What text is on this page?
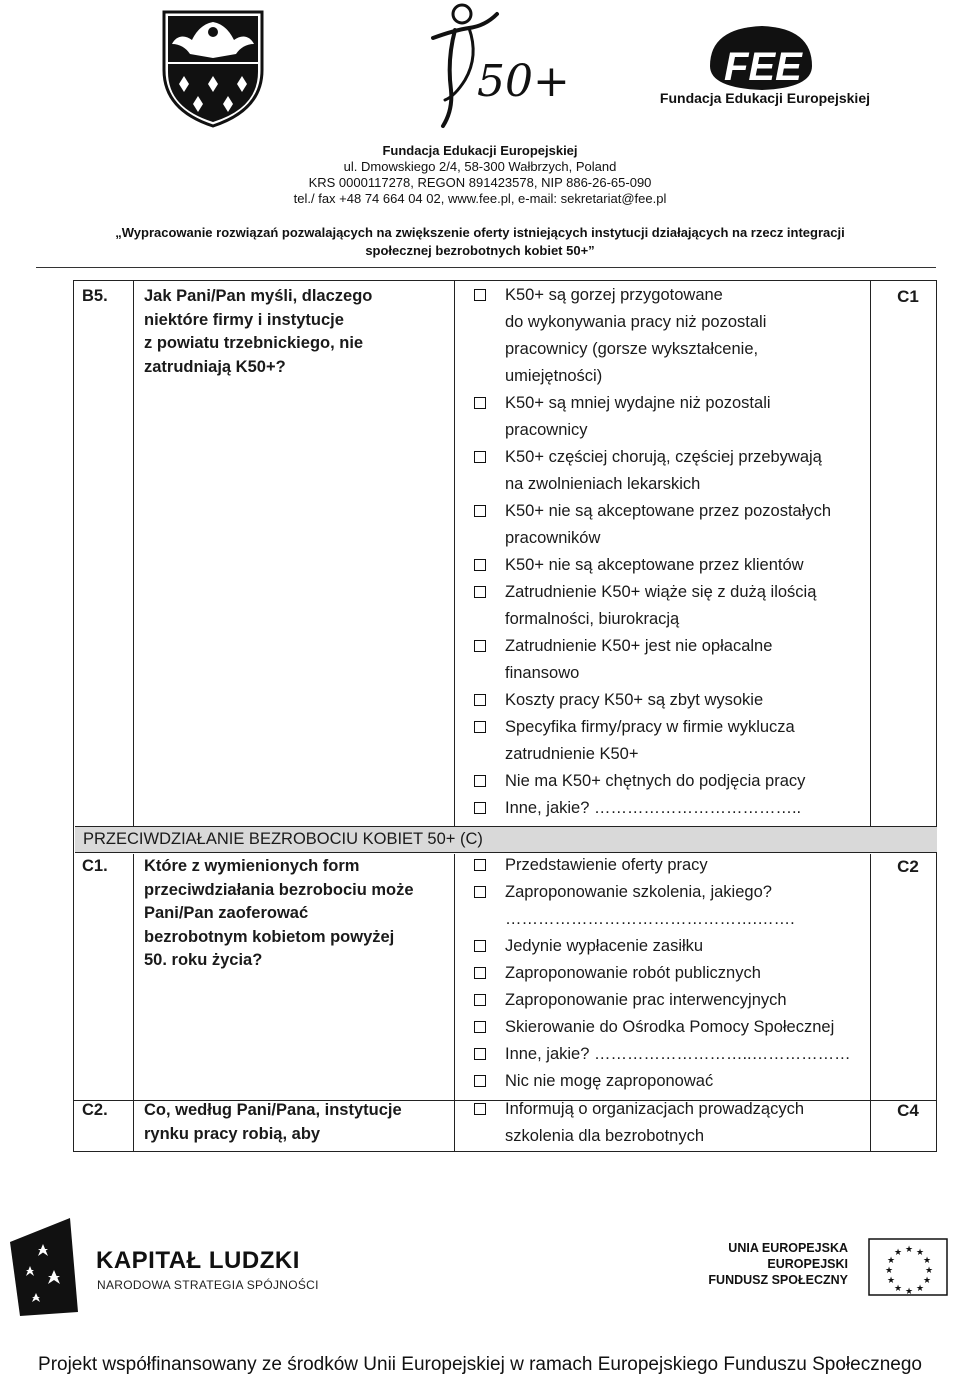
50+	FEE
Fundacja Edukacji Europejskiej
Fundacja Edukacji Europejskiej
ul. Dmowskiego 2/4, 58-300 Wałbrzych, Poland
KRS 0000117278, REGON 891423578, NIP 886-26-65-090
tel./ fax +48 74 664 04 02, www.fee.pl, e-mail: sekretariat@fee.pl
„Wypracowanie rozwiązań pozwalających na zwiększenie oferty istniejących instytucji działających na rzecz integracji
społecznej bezrobotnych kobiet 50+”
B5. Jak Pani/Pan myśli, dlaczego
niektóre firmy i instytucje
z powiatu trzebnickiego, nie
zatrudniają K50+?
C1
K50+ są gorzej przygotowane
do wykonywania pracy niż pozostali
pracownicy (gorsze wykształcenie,
umiejętności)
K50+ są mniej wydajne niż pozostali
pracownicy
K50+ częściej chorują, częściej przebywają
na zwolnieniach lekarskich
K50+ nie są akceptowane przez pozostałych
pracowników
K50+ nie są akceptowane przez klientów
Zatrudnienie K50+ wiąże się z dużą ilością
formalności, biurokracją
Zatrudnienie K50+ jest nie opłacalne
finansowo
Koszty pracy K50+ są zbyt wysokie
Specyfika firmy/pracy w firmie wyklucza
zatrudnienie K50+
Nie ma K50+ chętnych do podjęcia pracy
Inne, jakie? ………………………………..
PRZECIWDZIAŁANIE BEZROBOCIU KOBIET 50+ (C)
C1. Które z wymienionych form
przeciwdziałania bezrobociu może
Pani/Pan zaoferować
bezrobotnym kobietom powyżej
50. roku życia?
C2
Przedstawienie oferty pracy
Zaproponowanie szkolenia, jakiego?
……………………………………….…….
Jedynie wypłacenie zasiłku
Zaproponowanie robót publicznych
Zaproponowanie prac interwencyjnych
Skierowanie do Ośrodka Pomocy Społecznej
Inne, jakie? ………………………..………………
Nic nie mogę zaproponować
C2. Co, według Pani/Pana, instytucje
rynku pracy robią, aby
C4
Informują o organizacjach prowadzących
szkolenia dla bezrobotnych
KAPITAŁ LUDZKI
NARODOWA STRATEGIA SPÓJNOŚCI
UNIA EUROPEJSKA
EUROPEJSKI
FUNDUSZ SPOŁECZNY
★ ★
★
★
★
★
★
★
★
★
★
★
Projekt współfinansowany ze środków Unii Europejskiej w ramach Europejskiego Funduszu Społecznego
